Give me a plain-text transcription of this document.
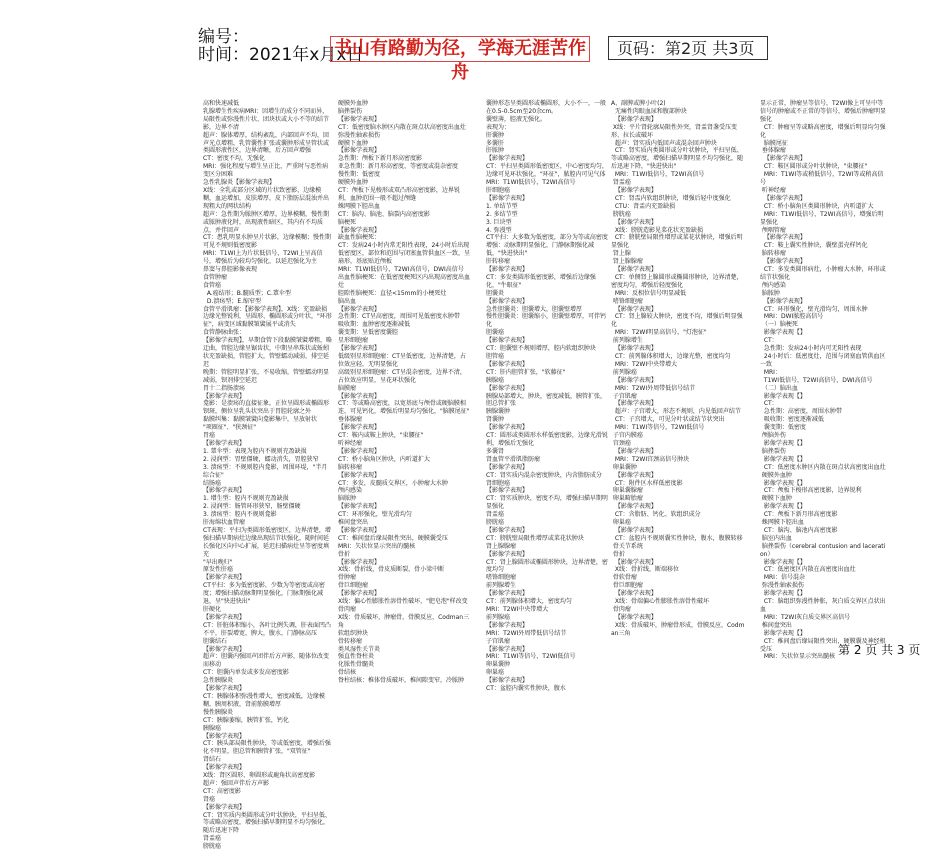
编号：
时间：2021年x月x日
书山有路勤为径，学海无涯苦作舟
页码：第2页 共3页
高和快速减低
乳腺增生性疾病MRI：因增生的成分不同而异，局限性或弥漫性片状、团块状或大小不等的结节影，边界不清
超声：腺体增厚，结构紊乱，内部回声不均，回声光点增粗，乳管囊性扩张或囊肿形成呈管状或类圆形液性区，边界清晰，后方回声增强
CT：密度不均，无强化
MRI：强化程度与增生呈正比，严重时与恶性病变区分困难
急性乳腺炎【影像学表现】
X线：全乳或部分区域的片状致密影，边缘模糊，血运增加，皮肤增厚，皮下脂肪层混浊并出现粗大的网状结构
超声：急性期为脓肿区增厚，边界模糊，慢性期或脓肿液化时，出现液性暗区，其内有不均质点，并伴回声
CT：患乳明显水肿呈片状影，边缘模糊；慢性期可见不规则低密度影
MRI：T1WI上为片状低信号，T2WI上呈高信号，增强后为较均匀强化，以延迟强化为主
鼻窦与鼻腔影像表现
食管肿瘤
食管癌
A.癌结形；B.髓质型；C.蕈伞型
D.溃疡型；E.缩窄型
食管平滑肌瘤：【影像学表现】，X线：充盈缺损边缘光整锐利，呈圆形、椭圆形或分叶状，"环形征"，病变区域黏膜皱襞展平或消失
食管静脉曲张：
【影像学表现】，早期食管下段黏膜皱襞增粗，略迂曲，管腔边缘呈锯齿状，中期呈串珠状或蚯蚓状充盈缺损，管腔扩大，管壁蠕动减弱，排空延迟
晚期：管腔明显扩张，不易收缩，管壁蠕动明显减弱，钡剂排空延迟
胃十二指肠溃疡
【影像学表现】
龛影：是溃疡的直接征象，正位呈圆形或椭圆形钡斑，侧位呈乳头状突出于胃腔轮廓之外
黏膜纠集：黏膜皱襞向龛影集中，呈放射状
"项圈征"、"狭颈征"
胃癌
【影像学表现】
1. 蕈伞型：表现为腔内不规则充盈缺损
2. 浸润型：胃壁僵硬，蠕动消失，胃腔狭窄
3. 溃疡型：不规则腔内龛影，周围环堤，"半月综合征"
结肠癌
【影像学表现】
1. 增生型：腔内不规则充盈缺损
2. 浸润型：肠管环形狭窄，肠壁僵硬
3. 溃疡型：腔内不规则龛影
肝海绵状血管瘤
CT表现：平扫为类圆形低密度区，边界清楚，增强扫描早期病灶边缘出现结节状强化，随时间延长强化区向中心扩展，延迟扫描病灶呈等密度填充
"早出晚归"
原发性肝癌
【影像学表现】
CT平扫：多为低密度影，少数为等密度或高密度；增强扫描动脉期明显强化，门脉期强化减退，呈"快进快出"
肝硬化
【影像学表现】
CT：肝脏体积缩小，各叶比例失调，肝表面凹凸不平，肝裂增宽，脾大，腹水，门静脉高压
胆囊结石
【影像学表现】
超声：胆囊内强回声团伴后方声影，随体位改变而移动
CT：胆囊内单发或多发高密度影
急性胰腺炎
【影像学表现】
CT：胰腺体积弥漫性增大，密度减低，边缘模糊，胰周积液，肾前筋膜增厚
慢性胰腺炎
CT：胰腺萎缩，胰管扩张，钙化
胰腺癌
【影像学表现】
CT：胰头部局限性肿块，等或低密度，增强后强化不明显，胆总管和胰管扩张，"双管征"
肾结石
【影像学表现】
X线：肾区圆形、卵圆形或鹿角状高密度影
超声：强回声伴后方声影
CT：高密度影
肾癌
【影像学表现】
CT：肾实质内类圆形或分叶状肿块，平扫呈低、等或略高密度，增强扫描早期明显不均匀强化，随后迅速下降
肾盂癌
膀胱癌
硬膜外血肿
脑挫裂伤
【影像学表现】
CT：低密度脑水肿区内散在斑点状高密度出血灶
弥漫性轴索损伤
硬膜下血肿
【影像学表现】
急性期：颅板下新月形高密度影
亚急性期：新月形高密度、等密度或混杂密度
慢性期：低密度
硬膜外血肿
CT：颅板下见梭形或双凸形高密度影，边界锐利，血肿范围一般不超过颅缝
蛛网膜下腔出血
CT：脑沟、脑池、脑裂内高密度影
脑梗死
【影像学表现】
缺血性脑梗死：
CT：发病24小时内常无阳性表现，24小时后出现低密度区，部位和范围与闭塞血管供血区一致，呈扇形，基底贴近颅板
MRI：T1WI低信号，T2WI高信号，DWI高信号
出血性脑梗死：在低密度梗死区内出现高密度出血灶
腔隙性脑梗死：直径<15mm的小梗死灶
脑出血
【影像学表现】
急性期：CT呈高密度，周围可见低密度水肿带
吸收期：血肿密度逐渐减低
囊变期：呈低密度囊腔
星形细胞瘤
【影像学表现】
低级别星形细胞瘤：CT呈低密度，边界清楚，占位效应轻，无明显强化
高级别星形细胞瘤：CT呈混杂密度，边界不清，占位效应明显，呈花环状强化
脑膜瘤
【影像学表现】
CT：等或略高密度，以宽基底与颅骨或硬脑膜相连，可见钙化，增强后明显均匀强化，"脑膜尾征"
垂体腺瘤
【影像学表现】
CT：鞍内或鞍上肿块，"束腰征"
听神经瘤
【影像学表现】
CT：桥小脑角区肿块，内听道扩大
脑转移瘤
【影像学表现】
CT：多发，皮髓质交界区，小肿瘤大水肿
颅内感染
脑脓肿
【影像学表现】
CT：环形强化，壁光滑均匀
椎间盘突出
【影像学表现】
CT：椎间盘后缘局限性突出，硬膜囊受压
MRI：矢状位显示突出的髓核
骨折
【影像学表现】
X线：骨折线，骨皮质断裂，骨小梁中断
骨肿瘤
骨巨细胞瘤
【影像学表现】
X线：偏心性膨胀性溶骨性破坏，"肥皂泡"样改变
骨肉瘤
X线：骨质破坏，肿瘤骨，骨膜反应，Codman三角
软组织肿块
骨转移瘤
类风湿性关节炎
强直性脊柱炎
化脓性骨髓炎
骨结核
脊柱结核：椎体骨质破坏，椎间隙变窄，冷脓肿
囊肿形态呈类圆形或椭圆形，大小不一，一般在0.5-0.5cm至20余cm。
囊壁薄，腔液无强化。
表现为：
肝囊肿
多囊肝
肝脓肿
【影像学表现】
CT：平扫呈类圆形低密度区，中心密度均匀，边缘可见环状强化，"环征"，脓腔内可见气体
MRI：T1WI低信号，T2WI高信号
肝细胞癌
【影像学表现】
1. 单结节型
2. 多结节型
3. 巨块型
4. 弥漫型
CT平扫：大多数为低密度，部分为等或高密度
增强：动脉期明显强化，门静脉期强化减低，"快进快出"
肝转移瘤
【影像学表现】
CT：多发类圆形低密度影，增强后边缘强化，"牛眼征"
胆囊炎
【影像学表现】
急性胆囊炎：胆囊增大，胆囊壁增厚
慢性胆囊炎：胆囊缩小，胆囊壁增厚，可伴钙化
胆囊癌
【影像学表现】
CT：胆囊壁不规则增厚，腔内软组织肿块
胆管癌
【影像学表现】
CT：肝内胆管扩张，"软藤征"
胰腺癌
【影像学表现】
胰腺局部增大，肿块，密度减低，胰管扩张，胆总管扩张
胰腺囊肿
肾囊肿
【影像学表现】
CT：圆形或类圆形水样低密度影，边缘光滑锐利，增强后无强化
多囊肾
肾血管平滑肌脂肪瘤
【影像学表现】
CT：肾实质内混杂密度肿块，内含脂肪成分
肾细胞癌
【影像学表现】
CT：肾实质肿块，密度不均，增强扫描早期明显强化
肾盂癌
膀胱癌
【影像学表现】
CT：膀胱壁局限性增厚或菜花状肿块
肾上腺腺瘤
【影像学表现】
CT：肾上腺圆形或椭圆形肿块，边界清楚，密度均匀
嗜铬细胞瘤
前列腺增生
【影像学表现】
CT：前列腺体积增大，密度均匀
MRI：T2WI中央带增大
前列腺癌
【影像学表现】
MRI：T2WI外周带低信号结节
子宫肌瘤
【影像学表现】
MRI：T1WI等信号，T2WI低信号
卵巢囊肿
卵巢癌
【影像学表现】
CT：盆腔内囊实性肿块，腹水
A、副脾或脾小叶(2)
无痛性肉眼血尿和腹部肿块
【影像学表现】
X线：平片肾轮廓局限性外突，肾盂肾盏受压变形、拉长或破坏
超声：肾实质内低回声或混杂回声肿块
CT：肾实质内类圆形或分叶状肿块，平扫呈低、等或略高密度，增强扫描早期明显不均匀强化，随后迅速下降，"快进快出"
MRI：T1WI低信号，T2WI高信号
肾盂癌
【影像学表现】
CT：肾盂内软组织肿块，增强后轻中度强化
CTU：肾盂内充盈缺损
膀胱癌
【影像学表现】
X线：膀胱造影见菜花状充盈缺损
CT：膀胱壁局限性增厚或菜花状肿块，增强后明显强化
肾上腺
肾上腺腺瘤
【影像学表现】
CT：单侧肾上腺圆形或椭圆形肿块，边界清楚，密度均匀，增强后轻度强化
MRI：反相位信号明显减低
嗜铬细胞瘤
【影像学表现】
CT：肾上腺较大肿块，密度不均，增强后明显强化
MRI：T2WI明显高信号，"灯泡征"
前列腺增生
【影像学表现】
CT：前列腺体积增大，边缘光整，密度均匀
MRI：T2WI中央带增大
前列腺癌
【影像学表现】
MRI：T2WI外周带低信号结节
子宫肌瘤
【影像学表现】
超声：子宫增大，形态不规则，内见低回声结节
CT：子宫增大，可见分叶状或结节状突出
MRI：T1WI等信号，T2WI低信号
子宫内膜癌
宫颈癌
【影像学表现】
MRI：T2WI宫颈高信号肿块
卵巢囊肿
【影像学表现】
CT：附件区水样低密度影
卵巢囊腺瘤
卵巢畸胎瘤
【影像学表现】
CT：含脂肪、钙化、软组织成分
卵巢癌
【影像学表现】
CT：盆腔内不规则囊实性肿块，腹水，腹膜转移
骨关节系统
骨折
【影像学表现】
X线：骨折线，断端移位
骨软骨瘤
骨巨细胞瘤
【影像学表现】
X线：骨端偏心性膨胀性溶骨性破坏
骨肉瘤
【影像学表现】
X线：骨质破坏，肿瘤骨形成，骨膜反应，Codman三角
显示正常，肿瘤呈等信号，T2WI像上可呈中等信号的肿瘤或不正常的等信号，增强后肿瘤明显强化
CT：肿瘤呈等或略高密度，增强后明显均匀强化
脑膜尾征
垂体腺瘤
【影像学表现】
CT：鞍区圆形或分叶状肿块，"束腰征"
MRI：T1WI等或稍低信号，T2WI等或稍高信号
听神经瘤
【影像学表现】
CT：桥小脑角区类圆形肿块，内听道扩大
MRI：T1WI低信号，T2WI高信号，增强后明显强化
颅咽管瘤
【影像学表现】
CT：鞍上囊实性肿块，囊壁蛋壳样钙化
脑转移瘤
【影像学表现】
CT：多发类圆形病灶，小肿瘤大水肿，环形或结节状强化
颅内感染
脑脓肿
【影像学表现】
CT：环形强化，壁光滑均匀，周围水肿
MRI：DWI脓腔高信号
（一）脑梗死
影像学表现【】
CT：
急性期：发病24小时内可无阳性表现
24小时后：低密度灶，范围与闭塞血管供血区一致
MRI：
T1WI低信号，T2WI高信号，DWI高信号
（二）脑出血
影像学表现【】
CT：
急性期：高密度，周围水肿带
吸收期：密度逐渐减低
囊变期：低密度
颅脑外伤
影像学表现【】
脑挫裂伤
影像学表现【】
CT：低密度水肿区内散在斑点状高密度出血灶
硬膜外血肿
影像学表现【】
CT：颅板下梭形高密度影，边界锐利
硬膜下血肿
影像学表现【】
CT：颅板下新月形高密度影
蛛网膜下腔出血
CT：脑沟、脑池内高密度影
脑室内出血
脑挫裂伤（cerebral contusion and laceration）
影像学表现【】
CT：低密度区内散在高密度出血灶
MRI：信号混杂
弥漫性轴索损伤
影像学表现【】
CT：脑组织弥漫性肿胀，灰白质交界区点状出血
MRI：T2WI灰白质交界区高信号
椎间盘突出
影像学表现【】
CT：椎间盘后缘局限性突出，硬膜囊及神经根受压
MRI：矢状位显示突出髓核 第 2 页 共 3 页
